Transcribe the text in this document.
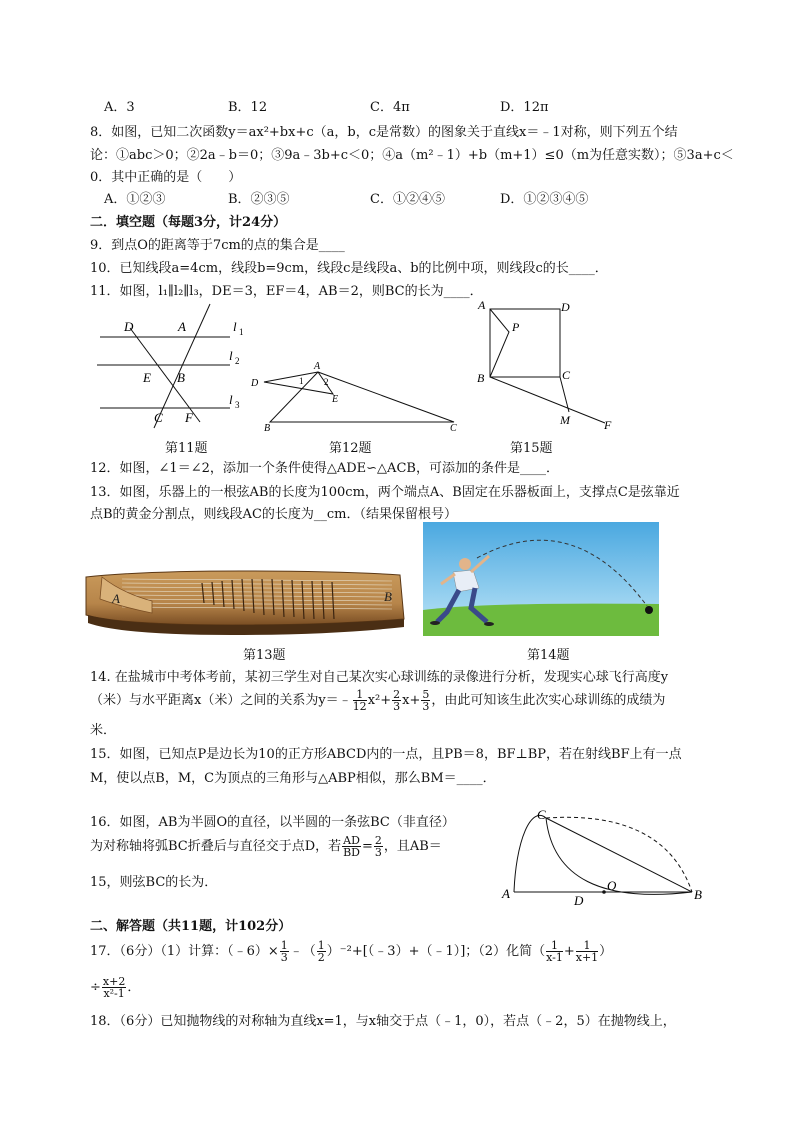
A．3	B．12	C．4π	D．12π
8．如图，已知二次函数y＝ax²+bx+c（a，b，c是常数）的图象关于直线x＝﹣1对称，则下列五个结
论：①abc＞0；②2a﹣b＝0；③9a﹣3b+c＜0；④a（m²﹣1）+b（m+1）≤0（m为任意实数）；⑤3a+c＜
0．其中正确的是（　　）
A．①②③	B．②③⑤	C．①②④⑤	D．①②③④⑤
二．填空题（每题3分，计24分）
9．到点O的距离等于7cm的点的集合是____
10．已知线段a=4cm，线段b=9cm，线段c是线段a、b的比例中项，则线段c的长____．
11．如图，l₁∥l₂∥l₃，DE＝3，EF＝4，AB＝2，则BC的长为____．
D	A
E B
C F
l 1
l 2
l 3
A
D
E
B	C
1 2
A	D
P
B	C
M	F
第11题	第12题	第15题
12．如图，∠1＝∠2，添加一个条件使得△ADE∽△ACB，可添加的条件是____．
13．如图，乐器上的一根弦AB的长度为100cm，两个端点A、B固定在乐器板面上，支撑点C是弦靠近
点B的黄金分割点，则线段AC的长度为__cm．（结果保留根号）
A	B
第13题	第14题
14. 在盐城市中考体考前，某初三学生对自己某次实心球训练的录像进行分析，发现实心球飞行高度y
（米）与水平距离x（米）之间的关系为y＝﹣ $\frac{1}{12} x^2+ \frac{2}{3} x+ \frac{5}{3}$ ，由此可知该生此次实心球训练的成绩为
米．
15．如图，已知点P是边长为10的正方形ABCD内的一点，且PB＝8，BF⊥BP，若在射线BF上有一点
M，使以点B，M，C为顶点的三角形与△ABP相似，那么BM＝____．
16．如图，AB为半圆O的直径，以半圆的一条弦BC（非直径）
为对称轴将弧BC折叠后与直径交于点D，若 $\frac{AD}{BD} = \frac{2}{3}$ ，且AB＝
15，则弦BC的长为．
C
A	D
O
B
二、解答题（共11题，计102分）
17．（6分）（1）计算：（﹣6）× $\frac{1}{3}$ ﹣（ $\frac{1}{2}$ ）⁻²+[（﹣3）+（﹣1）]；（2）化简（ $\frac{1}{x-1} + \frac{1}{x+1}$ ）
÷ $\frac{x+2}{\text{x²-1}}$ ．
18．（6分）已知抛物线的对称轴为直线x=1，与x轴交于点（﹣1，0），若点（﹣2，5）在抛物线上，
